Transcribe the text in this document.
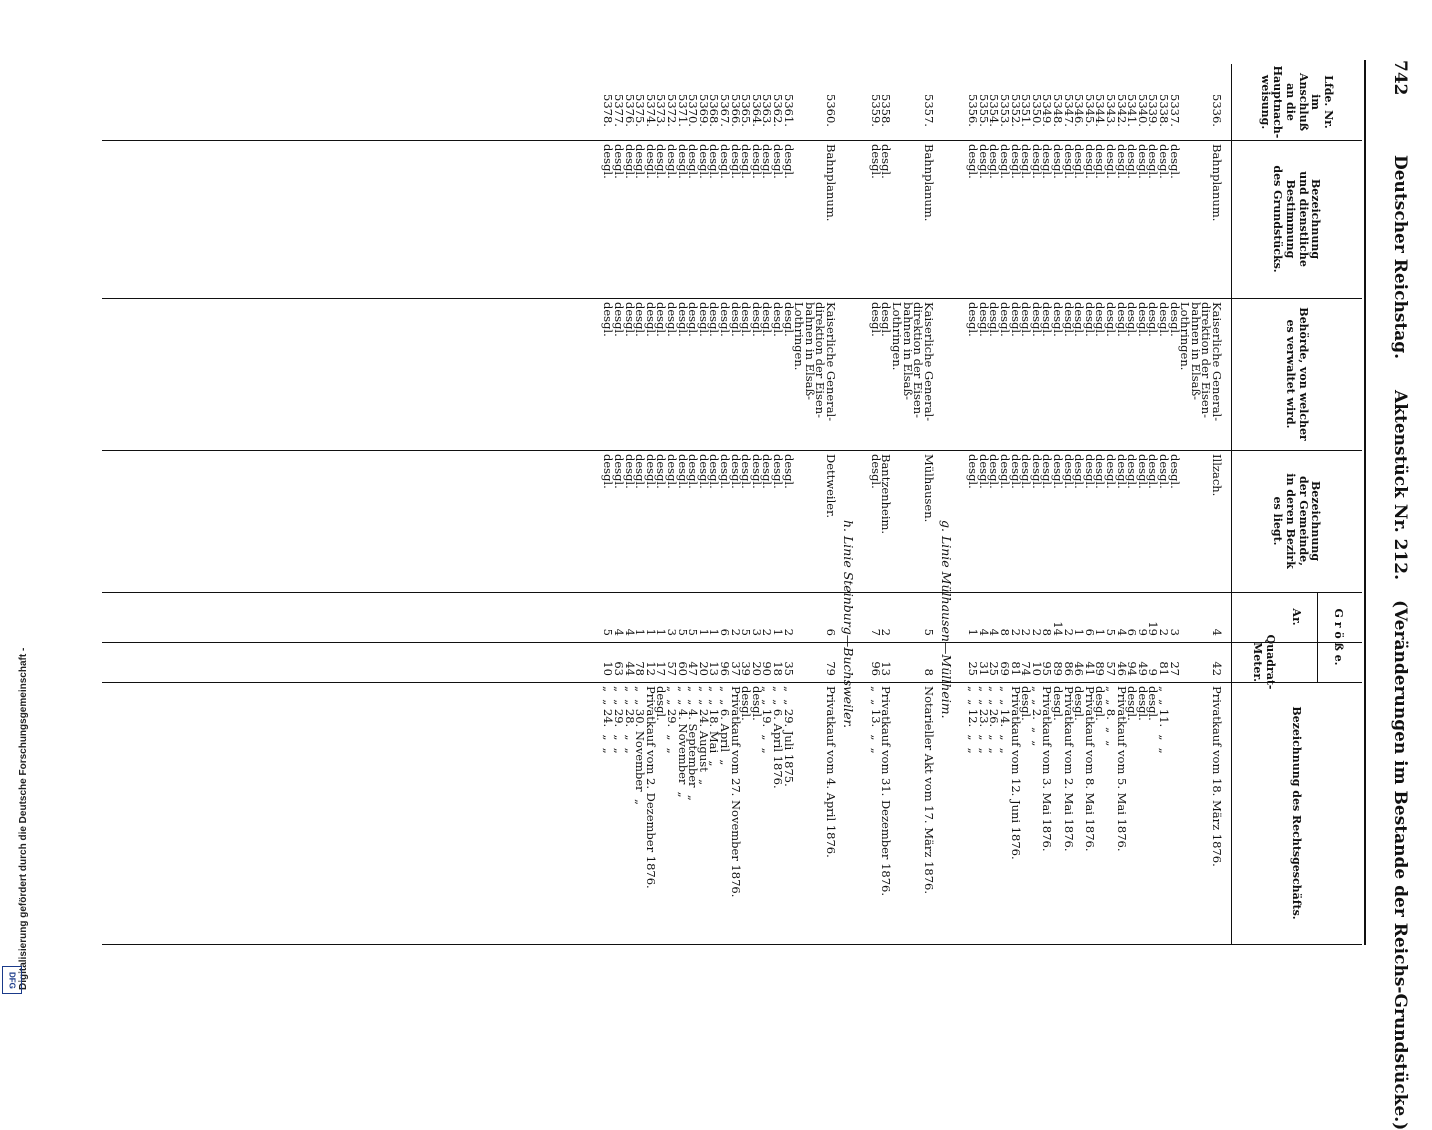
742
Deutscher Reichstag.
Aktenstück Nr. 212.
(Veränderungen im Bestande der Reichs-Grundstücke.)
Lfde. Nr.
im
Anschluß
an die
Hauptnach-
weisung.
Bezeichnung
und dienstliche
Bestimmung
des Grundstücks.
Behörde, von welcher
es verwaltet wird.
Bezeichnung
der Gemeinde,
in deren Bezirk
es liegt.
G r ö ß e.
Ar.
Quadrat-
Meter.
Bezeichnung des Rechtsgeschäfts.
5336.
Bahnplanum.
Kaiserliche General-
direktion der Eisen-
bahnen in Elsaß-
Lothringen.
Illzach.
4
42
Privatkauf vom 18. März 1876.
5337.
desgl.
desgl.
desgl.
3
27
5338.
desgl.
desgl.
desgl.
2
81
„  „ 11.  „  „
5339.
desgl.
desgl.
desgl.
19
9
desgl.
5340.
desgl.
desgl.
desgl.
9
49
desgl.
5341.
desgl.
desgl.
desgl.
6
94
desgl.
5342.
desgl.
desgl.
desgl.
4
46
Privatkauf vom 5. Mai 1876.
5343.
desgl.
desgl.
desgl.
5
57
„  „ 8.  „  „
5344.
desgl.
desgl.
desgl.
1
89
desgl.
5345.
desgl.
desgl.
desgl.
6
41
Privatkauf vom 8. Mai 1876.
5346.
desgl.
desgl.
desgl.
1
46
desgl.
5347.
desgl.
desgl.
desgl.
2
86
Privatkauf vom 2. Mai 1876.
5348.
desgl.
desgl.
desgl.
14
89
desgl.
5349.
desgl.
desgl.
desgl.
8
95
Privatkauf vom 3. Mai 1876.
5350.
desgl.
desgl.
desgl.
2
10
„  „ 2.  „  „
5351.
desgl.
desgl.
desgl.
2
74
desgl.
5352.
desgl.
desgl.
desgl.
2
81
Privatkauf vom 12. Juni 1876.
5353.
desgl.
desgl.
desgl.
8
69
„  „ 14.  „  „
5354.
desgl.
desgl.
desgl.
4
25
„  „ 26.  „  „
5355.
desgl.
desgl.
desgl.
4
31
„  „ 23.  „  „
5356.
desgl.
desgl.
desgl.
1
25
„  „ 12.  „  „
g. Linie Mülhausen—Müllheim.
5357.
Bahnplanum.
Kaiserliche General-
direktion der Eisen-
bahnen in Elsaß-
Lothringen.
Mülhausen.
5
8
Notarieller Akt vom 17. März 1876.
5358.
desgl.
desgl.
Bantzenheim.
2
13
Privatkauf vom 31. Dezember 1876.
5359.
desgl.
desgl.
desgl.
7
96
„  „ 13.  „  „
h. Linie Steinburg—Buchsweiler.
5360.
Bahnplanum.
Kaiserliche General-
direktion der Eisen-
bahnen in Elsaß-
Lothringen.
Dettweiler.
6
79
Privatkauf vom 4. April 1876.
5361.
desgl.
desgl.
desgl.
2
35
„  „ 29. Juli 1875.
5362.
desgl.
desgl.
desgl.
1
18
„  „ 6. April 1876.
5363.
desgl.
desgl.
desgl.
2
90
„  „ 19.  „  „
5364.
desgl.
desgl.
desgl.
3
20
desgl.
5365.
desgl.
desgl.
desgl.
5
39
desgl.
5366.
desgl.
desgl.
desgl.
2
37
Privatkauf vom 27. November 1876.
5367.
desgl.
desgl.
desgl.
6
96
„  „ 6. April  „
5368.
desgl.
desgl.
desgl.
1
13
„  „ 18. Mai  „
5369.
desgl.
desgl.
desgl.
1
20
„  „ 24. August  „
5370.
desgl.
desgl.
desgl.
5
47
„  „ 4. September  „
5371.
desgl.
desgl.
desgl.
5
60
„  „ 4. November  „
5372.
desgl.
desgl.
desgl.
3
57
„  „ 29.  „  „
5373.
desgl.
desgl.
desgl.
1
17
desgl.
5374.
desgl.
desgl.
desgl.
1
12
Privatkauf vom 2. Dezember 1876.
5375.
desgl.
desgl.
desgl.
1
78
„  „ 30. November  „
5376.
desgl.
desgl.
desgl.
4
44
„  „ 28.  „  „
5377.
desgl.
desgl.
desgl.
4
63
„  „ 29.  „  „
5378.
desgl.
desgl.
desgl.
5
10
„  „ 24.  „  „
Digitalisierung gefördert durch die Deutsche Forschungsgemeinschaft -
DFG
